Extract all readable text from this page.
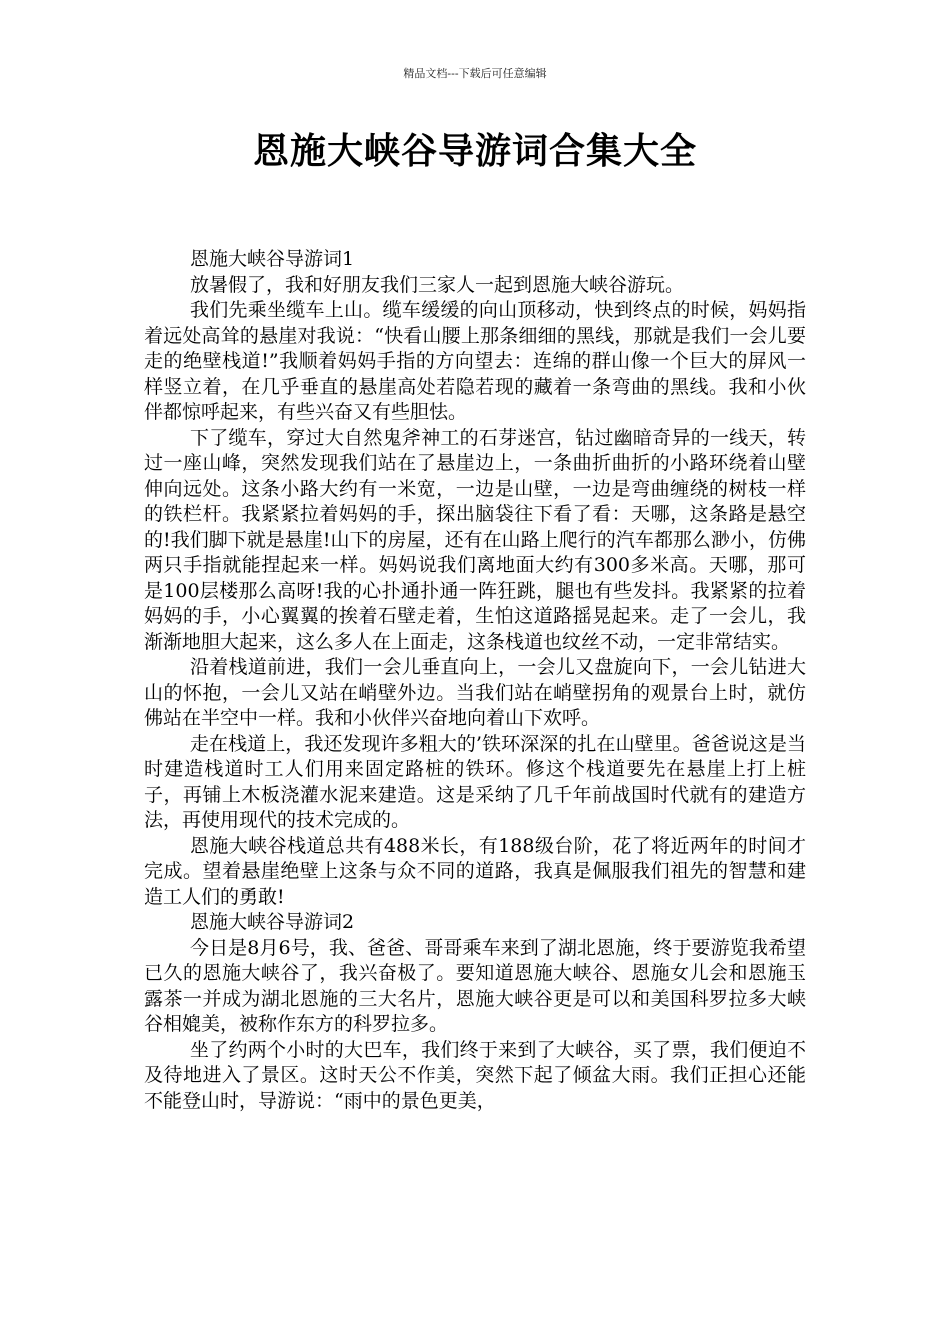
精品文档---下载后可任意编辑
恩施大峡谷导游词合集大全

恩施大峡谷导游词1

放暑假了，我和好朋友我们三家人一起到恩施大峡谷游玩。

我们先乘坐缆车上山。缆车缓缓的向山顶移动，快到终点的时候，妈妈指着远处高耸的悬崖对我说：“快看山腰上那条细细的黑线，那就是我们一会儿要走的绝壁栈道!”我顺着妈妈手指的方向望去：连绵的群山像一个巨大的屏风一样竖立着，在几乎垂直的悬崖高处若隐若现的藏着一条弯曲的黑线。我和小伙伴都惊呼起来，有些兴奋又有些胆怯。

下了缆车，穿过大自然鬼斧神工的石芽迷宫，钻过幽暗奇异的一线天，转过一座山峰，突然发现我们站在了悬崖边上，一条曲折曲折的小路环绕着山壁伸向远处。这条小路大约有一米宽，一边是山壁，一边是弯曲缠绕的树枝一样的铁栏杆。我紧紧拉着妈妈的手，探出脑袋往下看了看：天哪，这条路是悬空的!我们脚下就是悬崖!山下的房屋，还有在山路上爬行的汽车都那么渺小，仿佛两只手指就能捏起来一样。妈妈说我们离地面大约有300多米高。天哪，那可是100层楼那么高呀!我的心扑通扑通一阵狂跳，腿也有些发抖。我紧紧的拉着妈妈的手，小心翼翼的挨着石壁走着，生怕这道路摇晃起来。走了一会儿，我渐渐地胆大起来，这么多人在上面走，这条栈道也纹丝不动，一定非常结实。

沿着栈道前进，我们一会儿垂直向上，一会儿又盘旋向下，一会儿钻进大山的怀抱，一会儿又站在峭壁外边。当我们站在峭壁拐角的观景台上时，就仿佛站在半空中一样。我和小伙伴兴奋地向着山下欢呼。

走在栈道上，我还发现许多粗大的’铁环深深的扎在山壁里。爸爸说这是当时建造栈道时工人们用来固定路桩的铁环。修这个栈道要先在悬崖上打上桩子，再铺上木板浇灌水泥来建造。这是采纳了几千年前战国时代就有的建造方法，再使用现代的技术完成的。

恩施大峡谷栈道总共有488米长，有188级台阶，花了将近两年的时间才完成。望着悬崖绝壁上这条与众不同的道路，我真是佩服我们祖先的智慧和建造工人们的勇敢!

恩施大峡谷导游词2

今日是8月6号，我、爸爸、哥哥乘车来到了湖北恩施，终于要游览我希望已久的恩施大峡谷了，我兴奋极了。要知道恩施大峡谷、恩施女儿会和恩施玉露茶一并成为湖北恩施的三大名片，恩施大峡谷更是可以和美国科罗拉多大峡谷相媲美，被称作东方的科罗拉多。

坐了约两个小时的大巴车，我们终于来到了大峡谷，买了票，我们便迫不及待地进入了景区。这时天公不作美，突然下起了倾盆大雨。我们正担心还能不能登山时，导游说：“雨中的景色更美，
